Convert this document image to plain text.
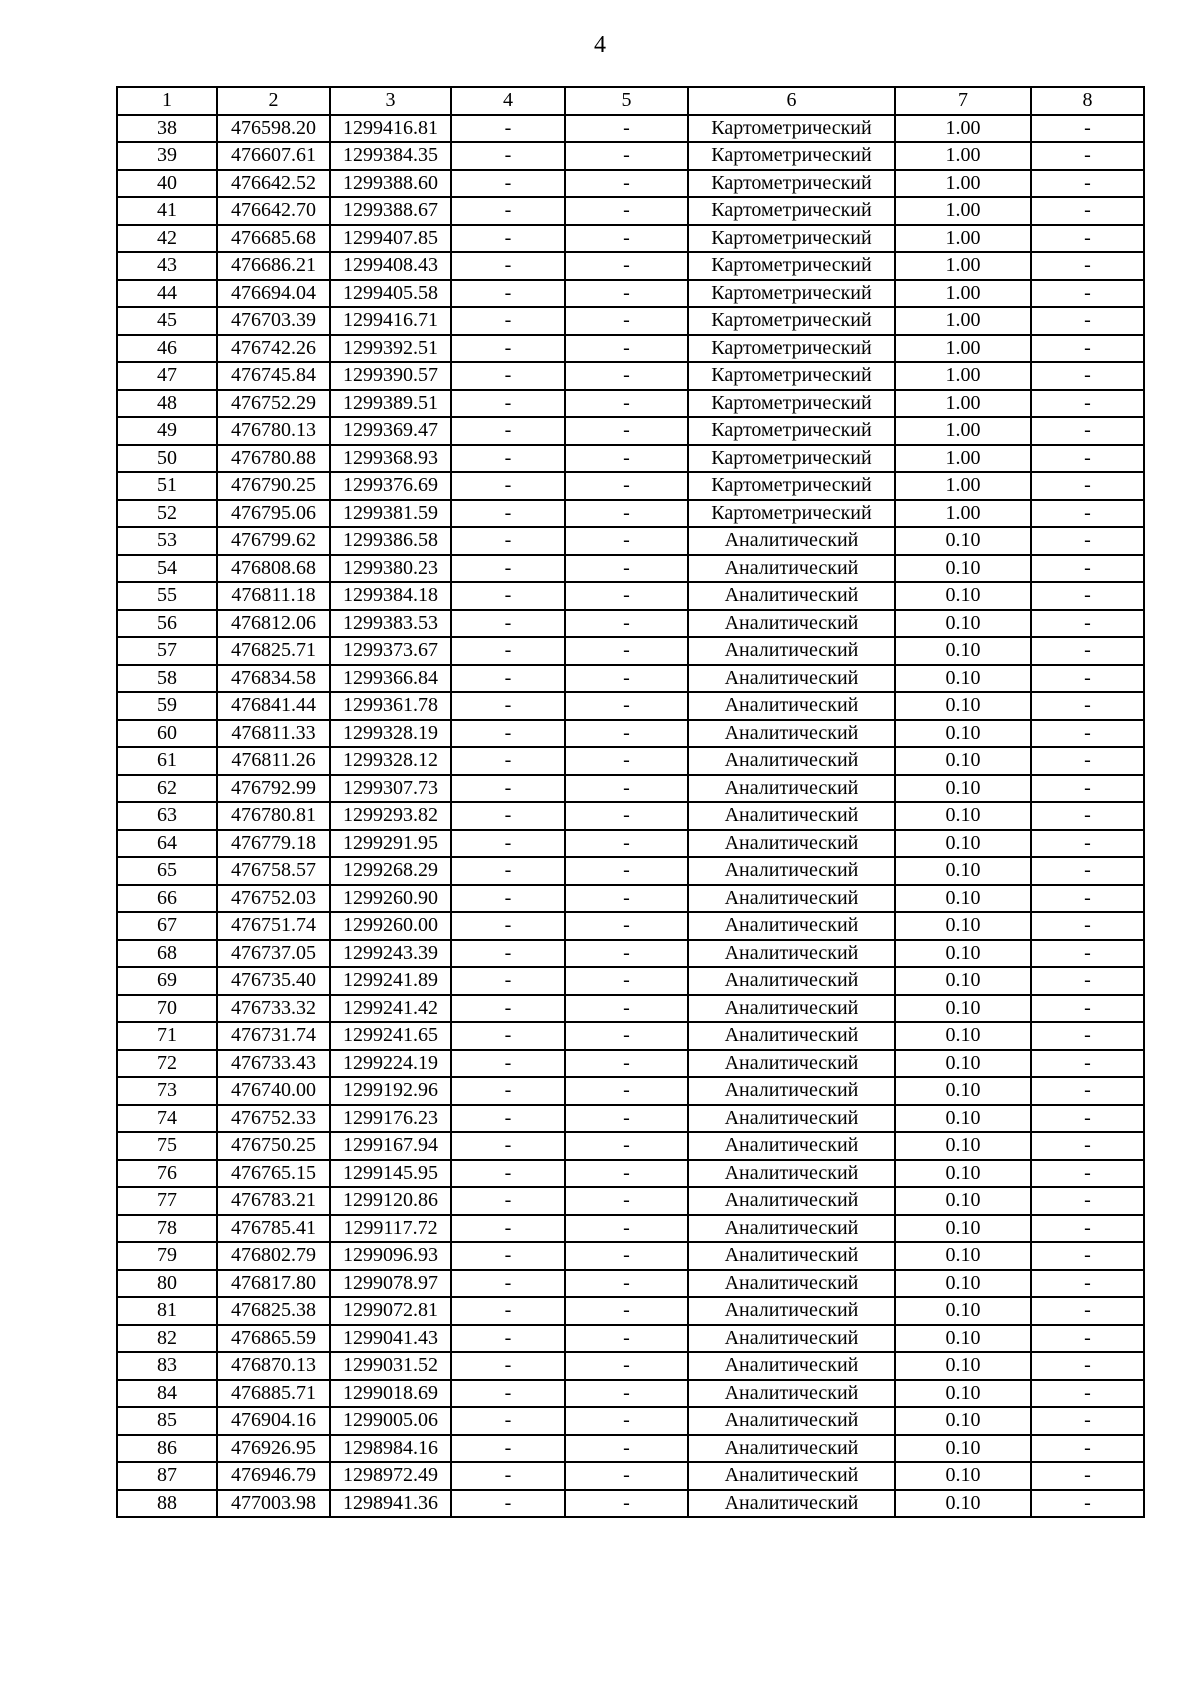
4
1	2	3	4	5	6	7	8
38	476598.20	1299416.81	-	-	Картометрический	1.00	-
39	476607.61	1299384.35	-	-	Картометрический	1.00	-
40	476642.52	1299388.60	-	-	Картометрический	1.00	-
41	476642.70	1299388.67	-	-	Картометрический	1.00	-
42	476685.68	1299407.85	-	-	Картометрический	1.00	-
43	476686.21	1299408.43	-	-	Картометрический	1.00	-
44	476694.04	1299405.58	-	-	Картометрический	1.00	-
45	476703.39	1299416.71	-	-	Картометрический	1.00	-
46	476742.26	1299392.51	-	-	Картометрический	1.00	-
47	476745.84	1299390.57	-	-	Картометрический	1.00	-
48	476752.29	1299389.51	-	-	Картометрический	1.00	-
49	476780.13	1299369.47	-	-	Картометрический	1.00	-
50	476780.88	1299368.93	-	-	Картометрический	1.00	-
51	476790.25	1299376.69	-	-	Картометрический	1.00	-
52	476795.06	1299381.59	-	-	Картометрический	1.00	-
53	476799.62	1299386.58	-	-	Аналитический	0.10	-
54	476808.68	1299380.23	-	-	Аналитический	0.10	-
55	476811.18	1299384.18	-	-	Аналитический	0.10	-
56	476812.06	1299383.53	-	-	Аналитический	0.10	-
57	476825.71	1299373.67	-	-	Аналитический	0.10	-
58	476834.58	1299366.84	-	-	Аналитический	0.10	-
59	476841.44	1299361.78	-	-	Аналитический	0.10	-
60	476811.33	1299328.19	-	-	Аналитический	0.10	-
61	476811.26	1299328.12	-	-	Аналитический	0.10	-
62	476792.99	1299307.73	-	-	Аналитический	0.10	-
63	476780.81	1299293.82	-	-	Аналитический	0.10	-
64	476779.18	1299291.95	-	-	Аналитический	0.10	-
65	476758.57	1299268.29	-	-	Аналитический	0.10	-
66	476752.03	1299260.90	-	-	Аналитический	0.10	-
67	476751.74	1299260.00	-	-	Аналитический	0.10	-
68	476737.05	1299243.39	-	-	Аналитический	0.10	-
69	476735.40	1299241.89	-	-	Аналитический	0.10	-
70	476733.32	1299241.42	-	-	Аналитический	0.10	-
71	476731.74	1299241.65	-	-	Аналитический	0.10	-
72	476733.43	1299224.19	-	-	Аналитический	0.10	-
73	476740.00	1299192.96	-	-	Аналитический	0.10	-
74	476752.33	1299176.23	-	-	Аналитический	0.10	-
75	476750.25	1299167.94	-	-	Аналитический	0.10	-
76	476765.15	1299145.95	-	-	Аналитический	0.10	-
77	476783.21	1299120.86	-	-	Аналитический	0.10	-
78	476785.41	1299117.72	-	-	Аналитический	0.10	-
79	476802.79	1299096.93	-	-	Аналитический	0.10	-
80	476817.80	1299078.97	-	-	Аналитический	0.10	-
81	476825.38	1299072.81	-	-	Аналитический	0.10	-
82	476865.59	1299041.43	-	-	Аналитический	0.10	-
83	476870.13	1299031.52	-	-	Аналитический	0.10	-
84	476885.71	1299018.69	-	-	Аналитический	0.10	-
85	476904.16	1299005.06	-	-	Аналитический	0.10	-
86	476926.95	1298984.16	-	-	Аналитический	0.10	-
87	476946.79	1298972.49	-	-	Аналитический	0.10	-
88	477003.98	1298941.36	-	-	Аналитический	0.10	-
